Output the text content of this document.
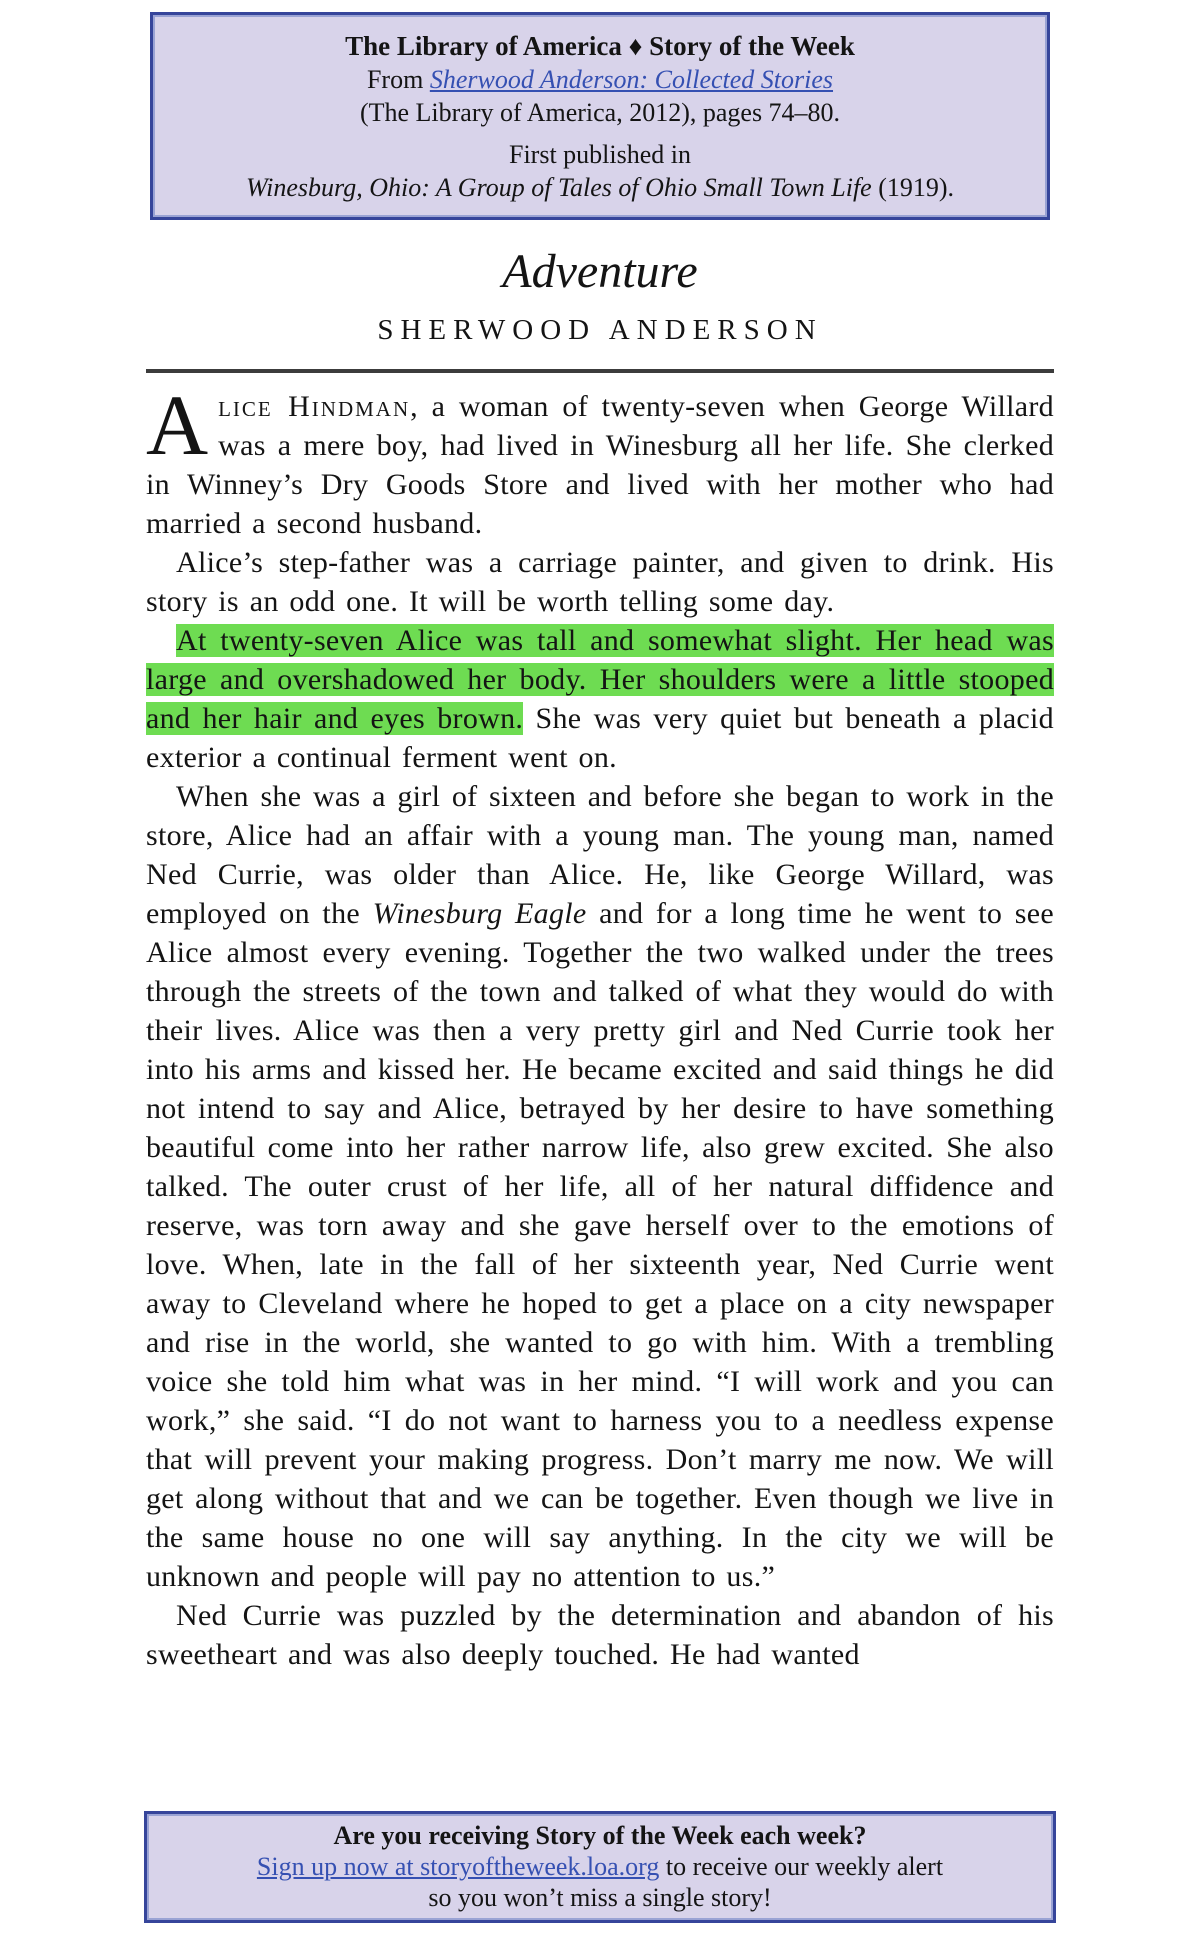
The Library of America ♦ Story of the Week
From Sherwood Anderson: Collected Stories
(The Library of America, 2012), pages 74–80.
First published in
Winesburg, Ohio: A Group of Tales of Ohio Small Town Life (1919).
Adventure
SHERWOOD ANDERSON

Alice Hindman, a woman of twenty-seven when George Willard was a mere boy, had lived in Winesburg all her life. She clerked in Winney’s Dry Goods Store and lived with her mother who had married a second husband.

Alice’s step-father was a carriage painter, and given to drink. His story is an odd one. It will be worth telling some day.

At twenty-seven Alice was tall and somewhat slight. Her head was large and overshadowed her body. Her shoulders were a little stooped and her hair and eyes brown. She was very quiet but beneath a placid exterior a continual ferment went on.

When she was a girl of sixteen and before she began to work in the store, Alice had an affair with a young man. The young man, named Ned Currie, was older than Alice. He, like George Willard, was employed on the Winesburg Eagle and for a long time he went to see Alice almost every evening. Together the two walked under the trees through the streets of the town and talked of what they would do with their lives. Alice was then a very pretty girl and Ned Currie took her into his arms and kissed her. He became excited and said things he did not intend to say and Alice, betrayed by her desire to have something beautiful come into her rather narrow life, also grew excited. She also talked. The outer crust of her life, all of her natural diffidence and reserve, was torn away and she gave herself over to the emotions of love. When, late in the fall of her sixteenth year, Ned Currie went away to Cleveland where he hoped to get a place on a city newspaper and rise in the world, she wanted to go with him. With a trembling voice she told him what was in her mind. “I will work and you can work,” she said. “I do not want to harness you to a needless expense that will prevent your making progress. Don’t marry me now. We will get along without that and we can be together. Even though we live in the same house no one will say anything. In the city we will be unknown and people will pay no attention to us.”

Ned Currie was puzzled by the determination and abandon of his sweetheart and was also deeply touched. He had wanted

Are you receiving Story of the Week each week?
Sign up now at storyoftheweek.loa.org to receive our weekly alert
so you won’t miss a single story!
